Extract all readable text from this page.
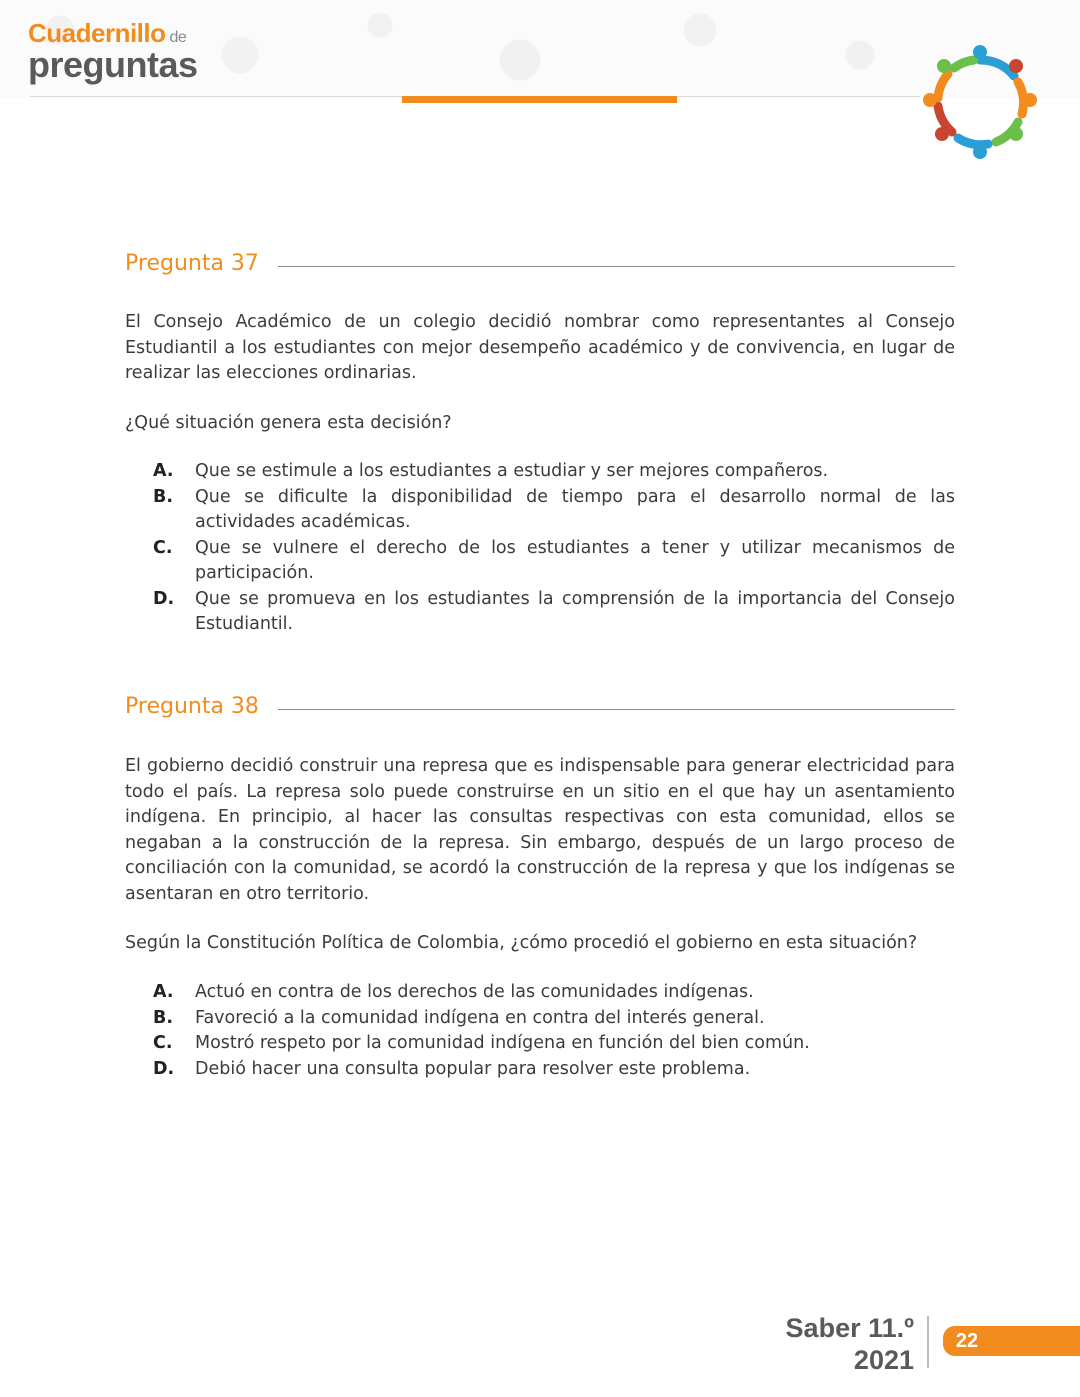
Cuadernillo de
preguntas
Pregunta 37

El Consejo Académico de un colegio decidió nombrar como representantes al Consejo Estudiantil a los estudiantes con mejor desempeño académico y de convivencia, en lugar de realizar las elecciones ordinarias.

¿Qué situación genera esta decisión?
A. Que se estimule a los estudiantes a estudiar y ser mejores compañeros.
B. Que se dificulte la disponibilidad de tiempo para el desarrollo normal de las actividades académicas.
C. Que se vulnere el derecho de los estudiantes a tener y utilizar mecanismos de participación.
D. Que se promueva en los estudiantes la comprensión de la importancia del Consejo Estudiantil.
Pregunta 38

El gobierno decidió construir una represa que es indispensable para generar electricidad para todo el país. La represa solo puede construirse en un sitio en el que hay un asentamiento indígena. En principio, al hacer las consultas respectivas con esta comunidad, ellos se negaban a la construcción de la represa. Sin embargo, después de un largo proceso de conciliación con la comunidad, se acordó la construcción de la represa y que los indígenas se asentaran en otro territorio.

Según la Constitución Política de Colombia, ¿cómo procedió el gobierno en esta situación?
A. Actuó en contra de los derechos de las comunidades indígenas.
B. Favoreció a la comunidad indígena en contra del interés general.
C. Mostró respeto por la comunidad indígena en función del bien común.
D. Debió hacer una consulta popular para resolver este problema.
Saber 11.º
2021
22
